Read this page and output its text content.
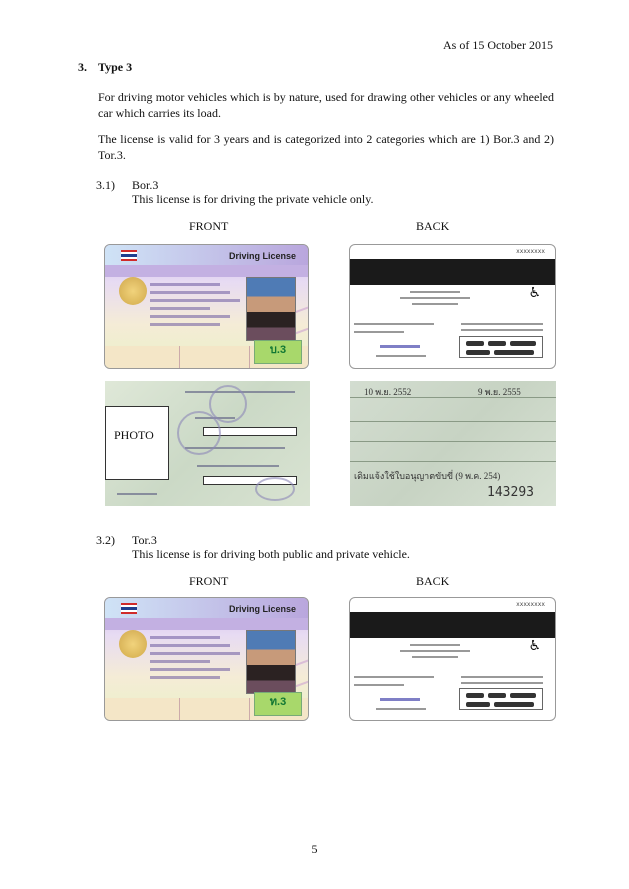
As of 15 October 2015
3. Type 3
For driving motor vehicles which is by nature, used for drawing other vehicles or any wheeled car which carries its load.
The license is valid for 3 years and is categorized into 2 categories which are 1) Bor.3 and 2) Tor.3.
3.1) Bor.3
This license is for driving the private vehicle only.
FRONT	BACK
Driving License
บ.3
xxxxxxxx
♿
PHOTO
10 พ.ย. 2552	9 พ.ย. 2555
เดิมแจ้งใช้ใบอนุญาตขับขี่ (9 พ.ค. 254)
143293
3.2) Tor.3
This license is for driving both public and private vehicle.
FRONT	BACK
Driving License
ท.3
xxxxxxxx
♿
5
